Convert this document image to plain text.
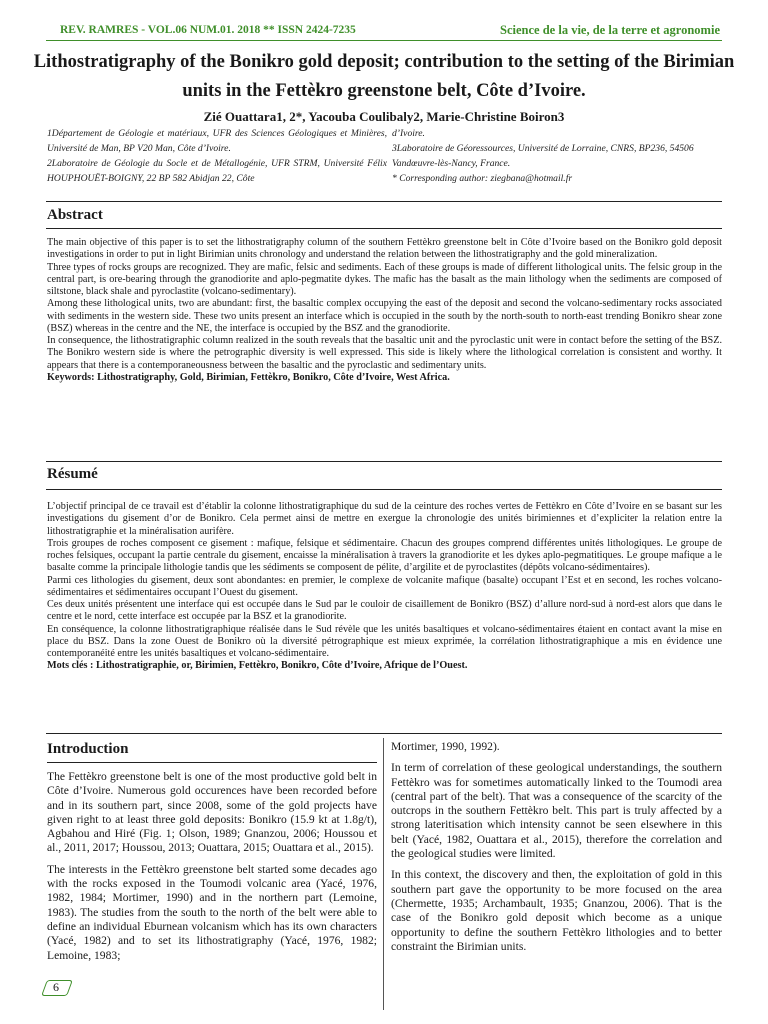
REV. RAMRES - VOL.06 NUM.01. 2018 ** ISSN 2424-7235	Science de la vie, de la terre et agronomie
Lithostratigraphy of the Bonikro gold deposit; contribution to the setting of the Birimian units in the Fettèkro greenstone belt, Côte d’Ivoire.
Zié Ouattara1, 2*, Yacouba Coulibaly2, Marie-Christine Boiron3

1Département de Géologie et matériaux, UFR des Sciences Géologiques et Minières, Université de Man, BP V20 Man, Côte d’Ivoire.

2Laboratoire de Géologie du Socle et de Métallogénie, UFR STRM, Université Félix HOUPHOUËT-BOIGNY, 22 BP 582 Abidjan 22, Côte

d’Ivoire.

3Laboratoire de Géoressources, Université de Lorraine, CNRS, BP236, 54506 Vandœuvre-lès-Nancy, France.

* Corresponding author: ziegbana@hotmail.fr

Abstract

The main objective of this paper is to set the lithostratigraphy column of the southern Fettèkro greenstone belt in Côte d’Ivoire based on the Bonikro gold deposit investigations in order to put in light Birimian units chronology and understand the relation between the lithostratigraphy and the gold mineralization.

Three types of rocks groups are recognized. They are mafic, felsic and sediments. Each of these groups is made of different lithological units. The felsic group in the central part, is ore-bearing through the granodiorite and aplo-pegmatite dykes. The mafic has the basalt as the main lithology when the sediments are composed of siltstone, black shale and pyroclastite (volcano-sedimentary).

Among these lithological units, two are abundant: first, the basaltic complex occupying the east of the deposit and second the volcano-sedimentary rocks associated with sediments in the western side. These two units present an interface which is occupied in the south by the north-south to north-east trending Bonikro shear zone (BSZ) whereas in the centre and the NE, the interface is occupied by the BSZ and the granodiorite.

In consequence, the lithostratigraphic column realized in the south reveals that the basaltic unit and the pyroclastic unit were in contact before the setting of the BSZ. The Bonikro western side is where the petrographic diversity is well expressed. This side is likely where the lithological correlation is consistent and worthy. It appears that there is a contemporaneousness between the basaltic and the pyroclastic and sedimentary units.

Keywords: Lithostratigraphy, Gold, Birimian, Fettèkro, Bonikro, Côte d’Ivoire, West Africa.

Résumé

L’objectif principal de ce travail est d’établir la colonne lithostratigraphique du sud de la ceinture des roches vertes de Fettèkro en Côte d’Ivoire en se basant sur les investigations du gisement d’or de Bonikro. Cela permet ainsi de mettre en exergue la chronologie des unités birimiennes et d’expliciter la relation entre la lithostratigraphie et la minéralisation aurifère.

Trois groupes de roches composent ce gisement : mafique, felsique et sédimentaire. Chacun des groupes comprend différentes unités lithologiques. Le groupe de roches felsiques, occupant la partie centrale du gisement, encaisse la minéralisation à travers la granodiorite et les dykes aplo-pegmatitiques. Le groupe mafique a le basalte comme la principale lithologie tandis que les sédiments se composent de pélite, d’argilite et de pyroclastites (dépôts volcano-sédimentaires).

Parmi ces lithologies du gisement, deux sont abondantes: en premier, le complexe de volcanite mafique (basalte) occupant l’Est et en second, les roches volcano-sédimentaires et sédimentaires occupant l’Ouest du gisement.

Ces deux unités présentent une interface qui est occupée dans le Sud par le couloir de cisaillement de Bonikro (BSZ) d’allure nord-sud à nord-est alors que dans le centre et le nord, cette interface est occupée par la BSZ et la granodiorite.

En conséquence, la colonne lithostratigraphique réalisée dans le Sud révèle que les unités basaltiques et volcano-sédimentaires étaient en contact avant la mise en place du BSZ. Dans la zone Ouest de Bonikro où la diversité pétrographique est mieux exprimée, la corrélation lithostratigraphique a mis en évidence une contemporanéité entre les unités basaltiques et volcano-sédimentaire.

Mots clés : Lithostratigraphie, or, Birimien, Fettèkro, Bonikro, Côte d’Ivoire, Afrique de l’Ouest.

Introduction

The Fettèkro greenstone belt is one of the most productive gold belt in Côte d’Ivoire. Numerous gold occurences have been recorded before and in its southern part, since 2008, some of the gold projects have given right to at least three gold deposits: Bonikro (15.9 kt at 1.8g/t), Agbahou and Hiré (Fig. 1; Olson, 1989; Gnanzou, 2006; Houssou et al., 2011, 2017; Houssou, 2013; Ouattara, 2015; Ouattara et al., 2015).

The interests in the Fettèkro greenstone belt started some decades ago with the rocks exposed in the Toumodi volcanic area (Yacé, 1976, 1982, 1984; Mortimer, 1990) and in the northern part (Lemoine, 1983). The studies from the south to the north of the belt were able to define an individual Eburnean volcanism which has its own characters (Yacé, 1982) and to set its lithostratigraphy (Yacé, 1976, 1982; Lemoine, 1983;

Mortimer, 1990, 1992).

In term of correlation of these geological understandings, the southern Fettèkro was for sometimes automatically linked to the Toumodi area (central part of the belt). That was a consequence of the scarcity of the outcrops in the southern Fettèkro belt. This part is truly affected by a strong lateritisation which intensity cannot be seen elsewhere in this belt (Yacé, 1982, Ouattara et al., 2015), therefore the correlation and the geological studies were limited.

In this context, the discovery and then, the exploitation of gold in this southern part gave the opportunity to be more focused on the area (Chermette, 1935; Archambault, 1935; Gnanzou, 2006). That is the case of the Bonikro gold deposit which become as a unique opportunity to define the southern Fettèkro lithologies and to better constraint the Birimian units.

6
